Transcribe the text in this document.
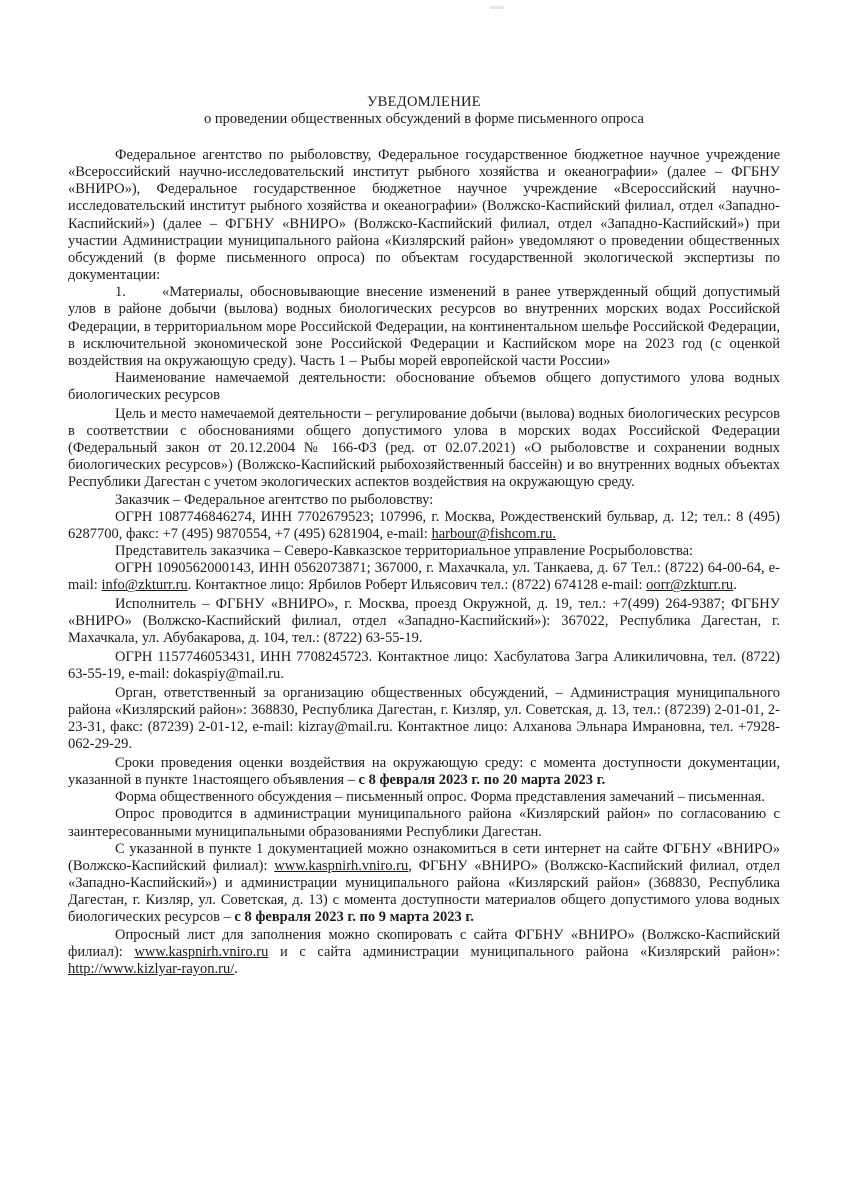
УВЕДОМЛЕНИЕ
о проведении общественных обсуждений в форме письменного опроса

Федеральное агентство по рыболовству, Федеральное государственное бюджетное научное учреждение «Всероссийский научно-исследовательский институт рыбного хозяйства и океанографии» (далее – ФГБНУ «ВНИРО»), Федеральное государственное бюджетное научное учреждение «Всероссийский научно-исследовательский институт рыбного хозяйства и океанографии» (Волжско-Каспийский филиал, отдел «Западно-Каспийский») (далее – ФГБНУ «ВНИРО» (Волжско-Каспийский филиал, отдел «Западно-Каспийский») при участии Администрации муниципального района «Кизлярский район» уведомляют о проведении общественных обсуждений (в форме письменного опроса) по объектам государственной экологической экспертизы по документации:

1. «Материалы, обосновывающие внесение изменений в ранее утвержденный общий допустимый улов в районе добычи (вылова) водных биологических ресурсов во внутренних морских водах Российской Федерации, в территориальном море Российской Федерации, на континентальном шельфе Российской Федерации, в исключительной экономической зоне Российской Федерации и Каспийском море на 2023 год (с оценкой воздействия на окружающую среду). Часть 1 – Рыбы морей европейской части России»

Наименование намечаемой деятельности: обоснование объемов общего допустимого улова водных биологических ресурсов

Цель и место намечаемой деятельности – регулирование добычи (вылова) водных биологических ресурсов в соответствии с обоснованиями общего допустимого улова в морских водах Российской Федерации (Федеральный закон от 20.12.2004 № 166-ФЗ (ред. от 02.07.2021) «О рыболовстве и сохранении водных биологических ресурсов») (Волжско-Каспийский рыбохозяйственный бассейн) и во внутренних водных объектах Республики Дагестан с учетом экологических аспектов воздействия на окружающую среду.

Заказчик – Федеральное агентство по рыболовству:

ОГРН 1087746846274, ИНН 7702679523; 107996, г. Москва, Рождественский бульвар, д. 12; тел.: 8 (495) 6287700, факс: +7 (495) 9870554, +7 (495) 6281904, e-mail: harbour@fishcom.ru.

Представитель заказчика – Северо-Кавказское территориальное управление Росрыболовства:

ОГРН 1090562000143, ИНН 0562073871; 367000, г. Махачкала, ул. Танкаева, д. 67 Тел.: (8722) 64-00-64, e-mail: info@zkturr.ru. Контактное лицо: Ярбилов Роберт Ильясович тел.: (8722) 674128 e-mail: oorr@zkturr.ru.

Исполнитель – ФГБНУ «ВНИРО», г. Москва, проезд Окружной, д. 19, тел.: +7(499) 264-9387; ФГБНУ «ВНИРО» (Волжско-Каспийский филиал, отдел «Западно-Каспийский»): 367022, Республика Дагестан, г. Махачкала, ул. Абубакарова, д. 104, тел.: (8722) 63-55-19.

ОГРН 1157746053431, ИНН 7708245723. Контактное лицо: Хасбулатова Загра Аликиличовна, тел. (8722) 63-55-19, e-mail: dokaspiy@mail.ru.

Орган, ответственный за организацию общественных обсуждений, – Администрация муниципального района «Кизлярский район»: 368830, Республика Дагестан, г. Кизляр, ул. Советская, д. 13, тел.: (87239) 2-01-01, 2-23-31, факс: (87239) 2-01-12, e-mail: kizray@mail.ru. Контактное лицо: Алханова Эльнара Имрановна, тел. +7928-062-29-29.

Сроки проведения оценки воздействия на окружающую среду: с момента доступности документации, указанной в пункте 1настоящего объявления – с 8 февраля 2023 г. по 20 марта 2023 г.

Форма общественного обсуждения – письменный опрос. Форма представления замечаний – письменная.

Опрос проводится в администрации муниципального района «Кизлярский район» по согласованию с заинтересованными муниципальными образованиями Республики Дагестан.

С указанной в пункте 1 документацией можно ознакомиться в сети интернет на сайте ФГБНУ «ВНИРО» (Волжско-Каспийский филиал): www.kaspnirh.vniro.ru, ФГБНУ «ВНИРО» (Волжско-Каспийский филиал, отдел «Западно-Каспийский») и администрации муниципального района «Кизлярский район» (368830, Республика Дагестан, г. Кизляр, ул. Советская, д. 13) с момента доступности материалов общего допустимого улова водных биологических ресурсов – с 8 февраля 2023 г. по 9 марта 2023 г.

Опросный лист для заполнения можно скопировать с сайта ФГБНУ «ВНИРО» (Волжско-Каспийский филиал): www.kaspnirh.vniro.ru и с сайта администрации муниципального района «Кизлярский район»: http://www.kizlyar-rayon.ru/.
